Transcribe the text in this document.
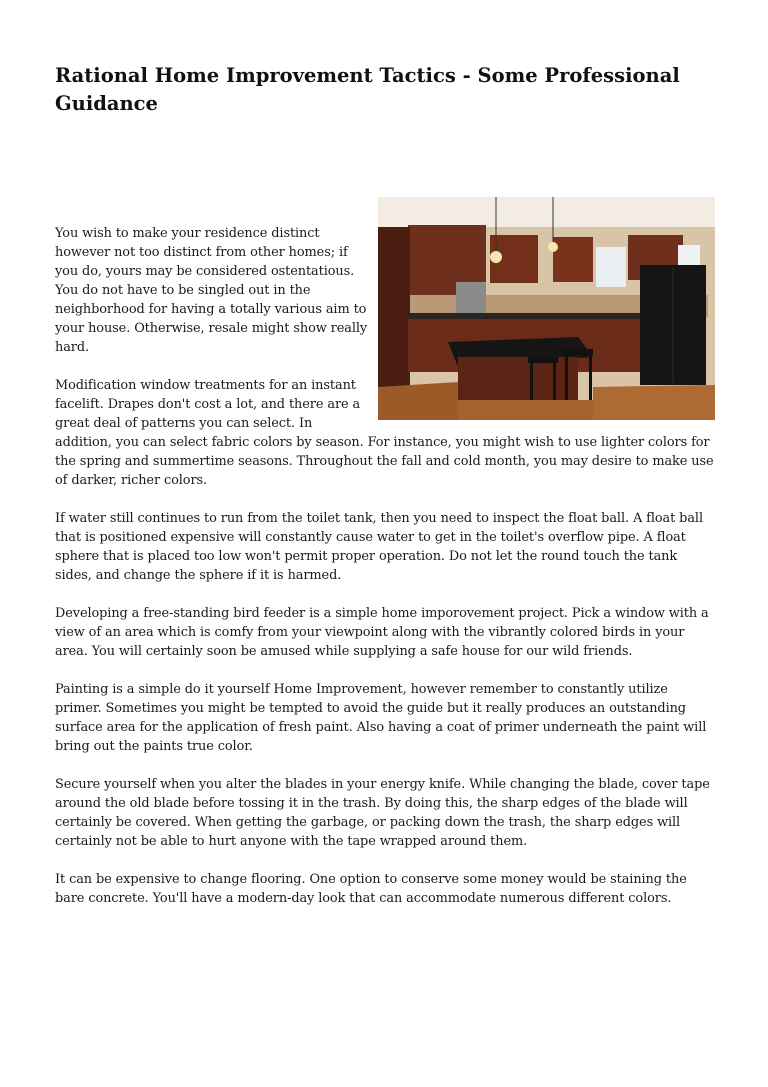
Rational Home Improvement Tactics - Some Professional Guidance

You wish to make your residence distinct however not too distinct from other homes; if you do, yours may be considered ostentatious. You do not have to be singled out in the neighborhood for having a totally various aim to your house. Otherwise, resale might show really hard.

Modification window treatments for an instant facelift. Drapes don't cost a lot, and there are a great deal of patterns you can select. In addition, you can select fabric colors by season. For instance, you might wish to use lighter colors for the spring and summertime seasons. Throughout the fall and cold month, you may desire to make use of darker, richer colors.

If water still continues to run from the toilet tank, then you need to inspect the float ball. A float ball that is positioned expensive will constantly cause water to get in the toilet's overflow pipe. A float sphere that is placed too low won't permit proper operation. Do not let the round touch the tank sides, and change the sphere if it is harmed.

Developing a free-standing bird feeder is a simple home imporovement project. Pick a window with a view of an area which is comfy from your viewpoint along with the vibrantly colored birds in your area. You will certainly soon be amused while supplying a safe house for our wild friends.

Painting is a simple do it yourself Home Improvement, however remember to constantly utilize primer. Sometimes you might be tempted to avoid the guide but it really produces an outstanding surface area for the application of fresh paint. Also having a coat of primer underneath the paint will bring out the paints true color.

Secure yourself when you alter the blades in your energy knife. While changing the blade, cover tape around the old blade before tossing it in the trash. By doing this, the sharp edges of the blade will certainly be covered. When getting the garbage, or packing down the trash, the sharp edges will certainly not be able to hurt anyone with the tape wrapped around them.

It can be expensive to change flooring. One option to conserve some money would be staining the bare concrete. You'll have a modern-day look that can accommodate numerous different colors.
